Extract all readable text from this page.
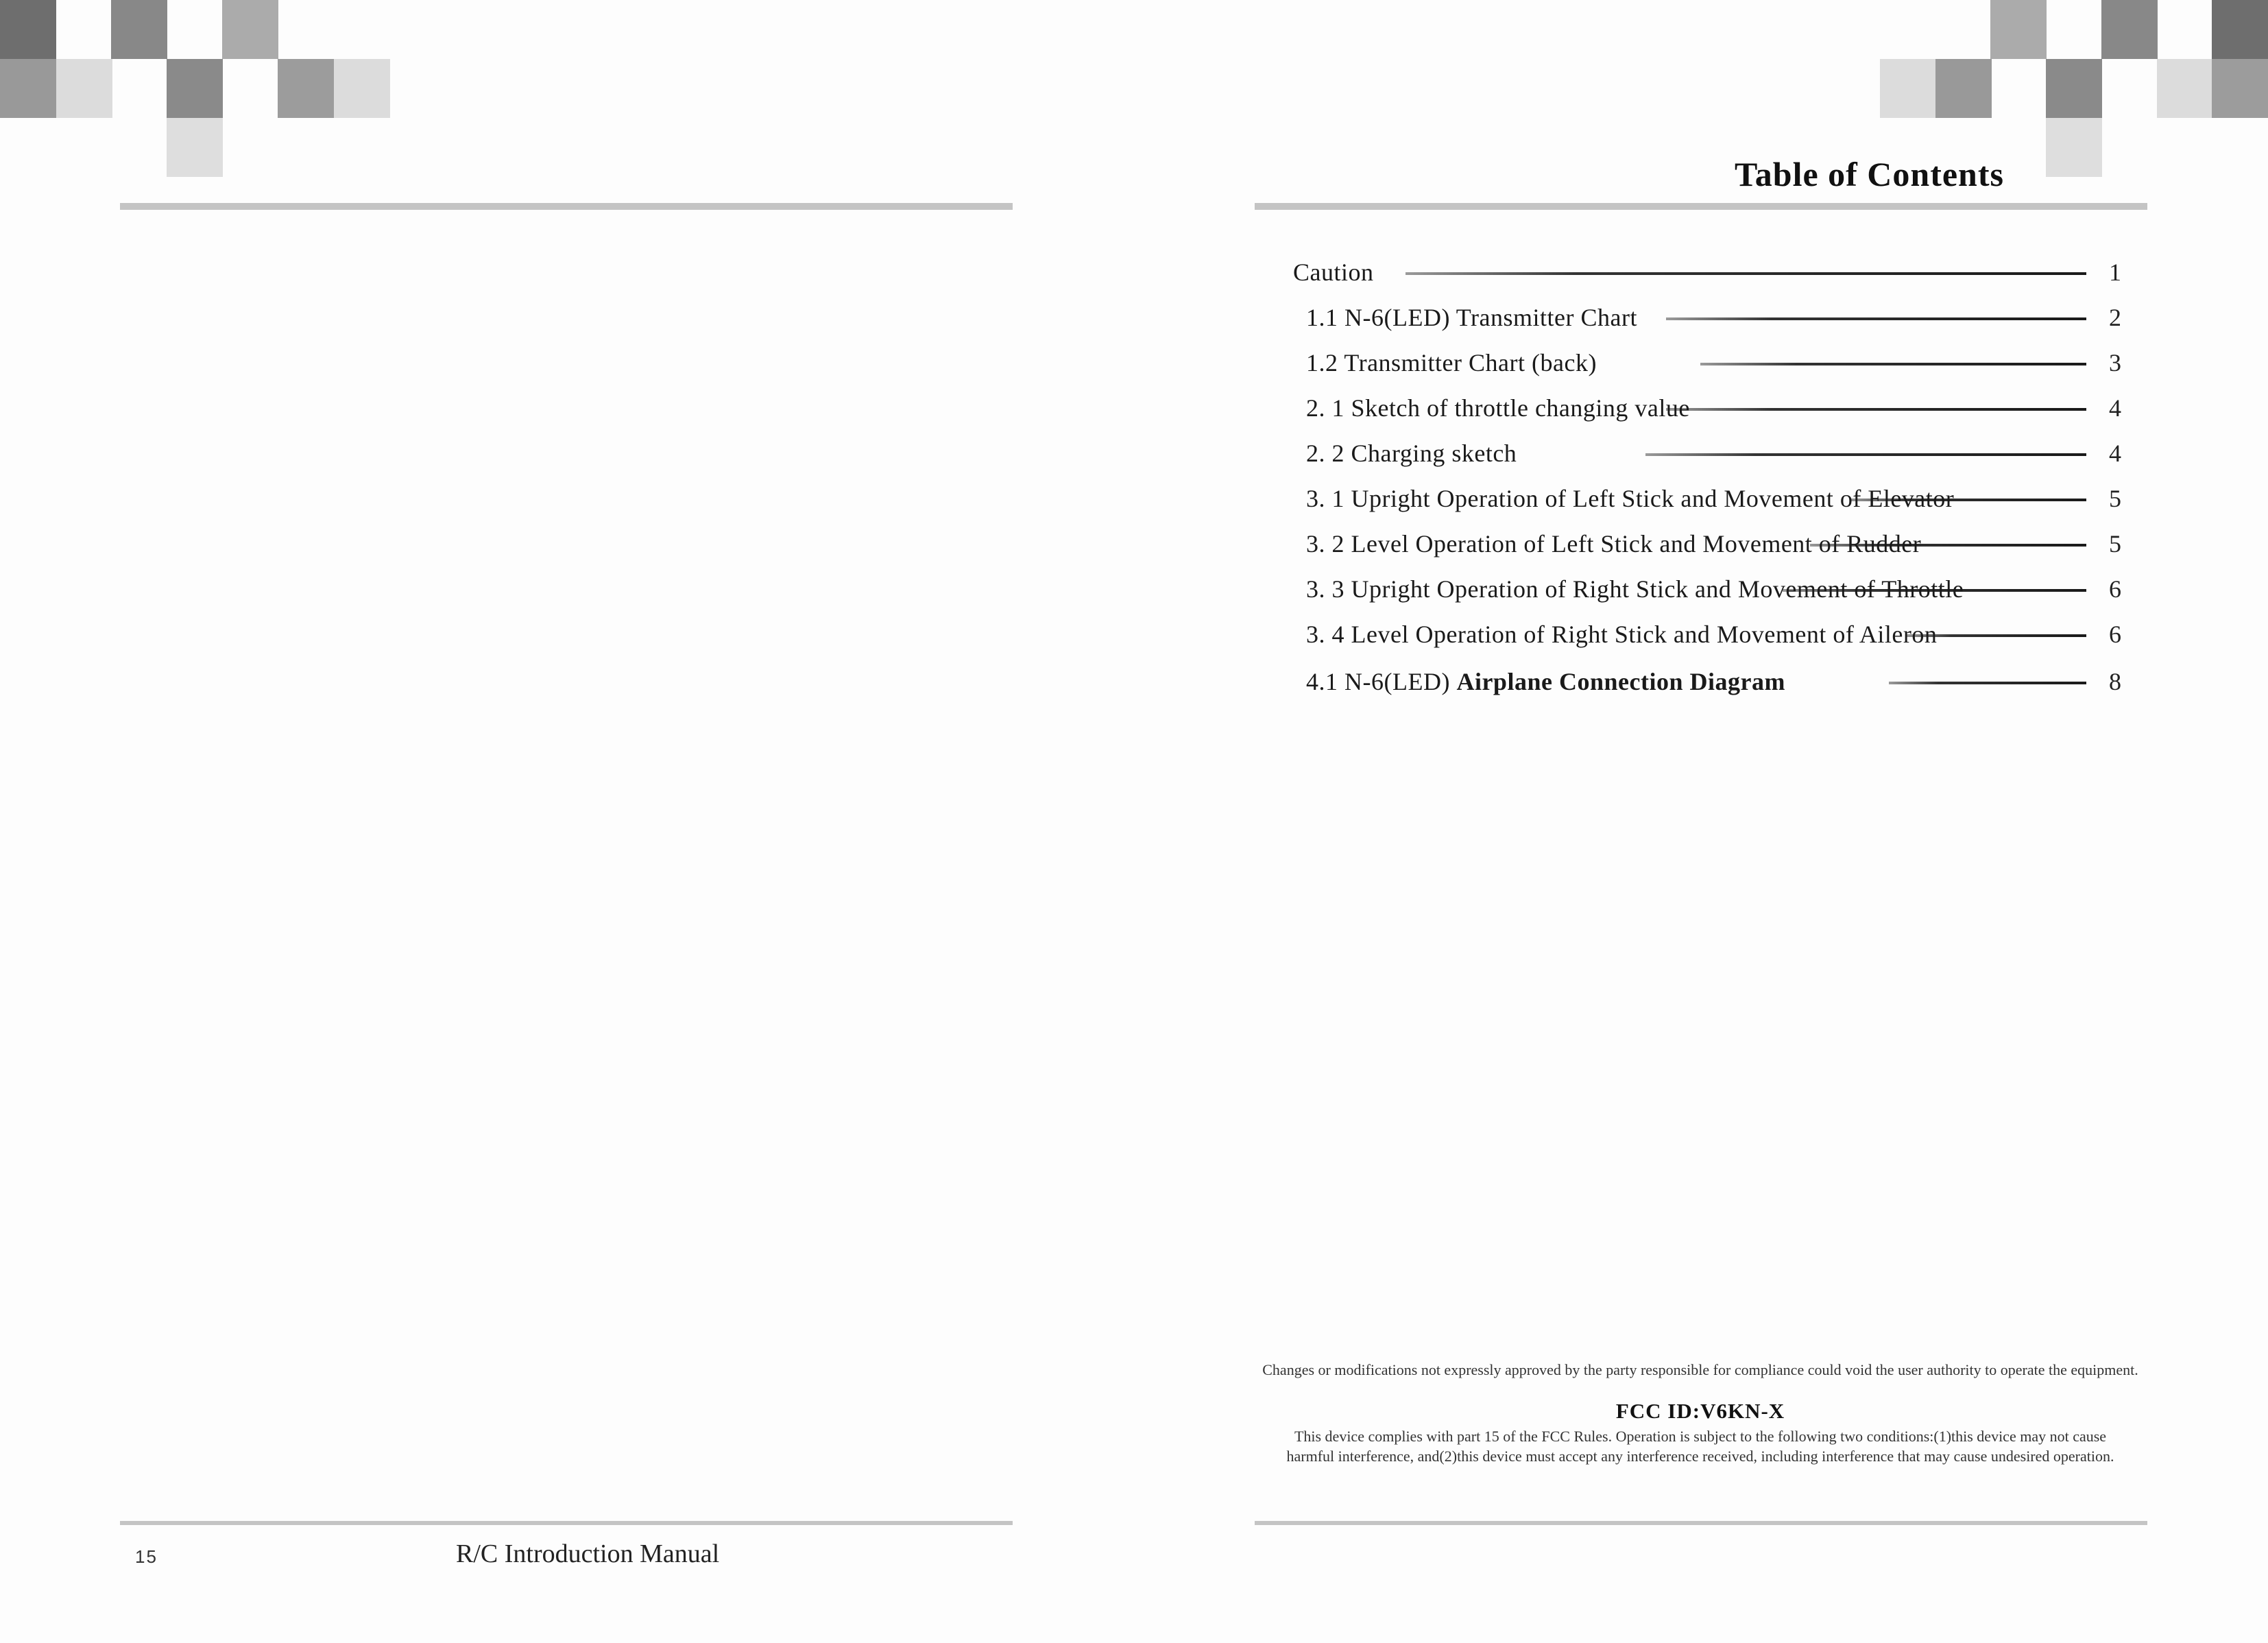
Table of Contents
Caution	1
1.1 N-6(LED) Transmitter Chart	2
1.2 Transmitter Chart (back)	3
2. 1 Sketch of throttle changing value	4
2. 2 Charging sketch	4
3. 1 Upright Operation of Left Stick and Movement of Elevator	5
3. 2 Level Operation of Left Stick and Movement of Rudder	5
3. 3 Upright Operation of Right Stick and Movement of Throttle	6
3. 4 Level Operation of Right Stick and Movement of Aileron	6
4.1 N-6(LED) Airplane Connection Diagram	8
Changes or modifications not expressly approved by the party responsible for compliance could void the user authority to operate the equipment.
FCC ID:V6KN-X
This device complies with part 15 of the FCC Rules. Operation is subject to the following two conditions:(1)this device may not cause harmful interference, and(2)this device must accept any interference received, including interference that may cause undesired operation.
15	R/C Introduction Manual
